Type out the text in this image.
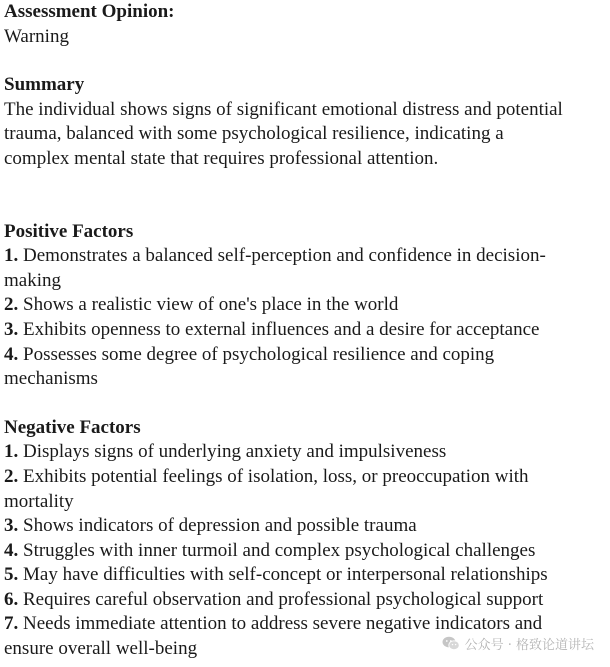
Assessment Opinion:
Warning

Summary
The individual shows signs of significant emotional distress and potential
trauma, balanced with some psychological resilience, indicating a
complex mental state that requires professional attention.

Positive Factors
1. Demonstrates a balanced self-perception and confidence in decision-
making
2. Shows a realistic view of one's place in the world
3. Exhibits openness to external influences and a desire for acceptance
4. Possesses some degree of psychological resilience and coping
mechanisms
Negative Factors
1. Displays signs of underlying anxiety and impulsiveness
2. Exhibits potential feelings of isolation, loss, or preoccupation with
mortality
3. Shows indicators of depression and possible trauma
4. Struggles with inner turmoil and complex psychological challenges
5. May have difficulties with self-concept or interpersonal relationships
6. Requires careful observation and professional psychological support
7. Needs immediate attention to address severe negative indicators and
ensure overall well-being	公众号 · 格致论道讲坛
